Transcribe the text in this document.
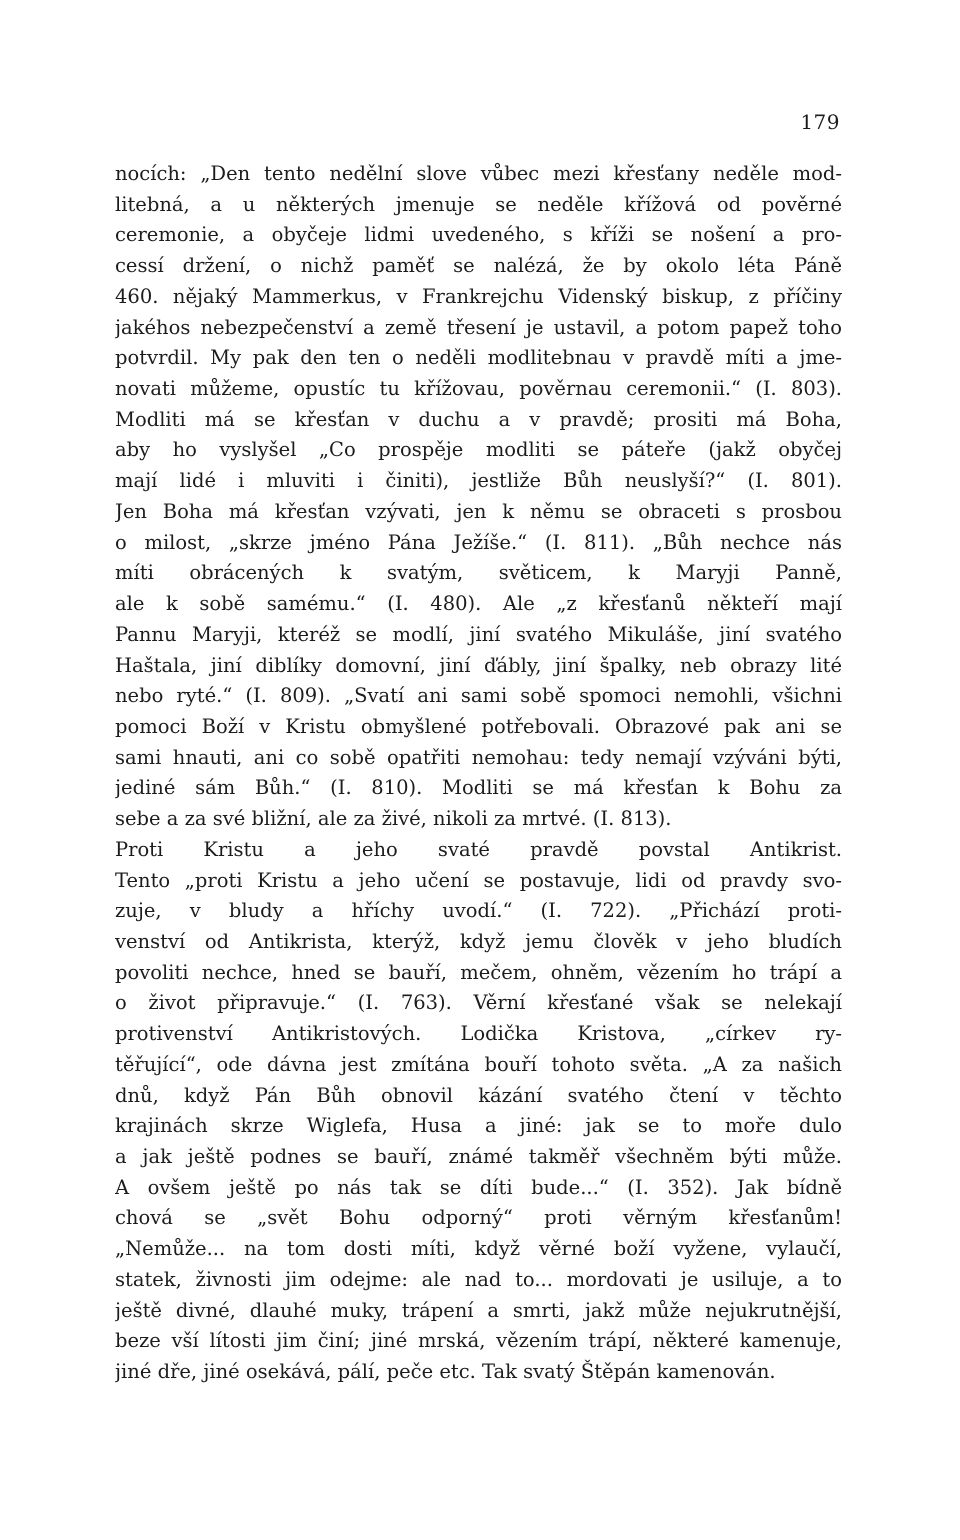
179
nocích: „Den tento nedělní slove vůbec mezi křesťany neděle mod-
litebná, a u některých jmenuje se neděle křížová od pověrné
ceremonie, a obyčeje lidmi uvedeného, s kříži se nošení a pro-
cessí držení, o nichž paměť se nalézá, že by okolo léta Páně
460. nějaký Mammerkus, v Frankrejchu Videnský biskup, z příčiny
jakéhos nebezpečenství a země třesení je ustavil, a potom papež toho
potvrdil. My pak den ten o neděli modlitebnau v pravdě míti a jme-
novati můžeme, opustíc tu křížovau, pověrnau ceremonii.“ (I. 803).
Modliti má se křesťan v duchu a v pravdě; prositi má Boha,
aby ho vyslyšel „Co prospěje modliti se páteře (jakž obyčej
mají lidé i mluviti i činiti), jestliže Bůh neuslyší?“ (I. 801).
Jen Boha má křesťan vzývati, jen k němu se obraceti s prosbou
o milost, „skrze jméno Pána Ježíše.“ (I. 811). „Bůh nechce nás
míti obrácených k svatým, světicem, k Maryji Panně,
ale k sobě samému.“ (I. 480). Ale „z křesťanů někteří mají
Pannu Maryji, kteréž se modlí, jiní svatého Mikuláše, jiní svatého
Haštala, jiní diblíky domovní, jiní ďábly, jiní špalky, neb obrazy lité
nebo ryté.“ (I. 809). „Svatí ani sami sobě spomoci nemohli, všichni
pomoci Boží v Kristu obmyšlené potřebovali. Obrazové pak ani se
sami hnauti, ani co sobě opatřiti nemohau: tedy nemají vzýváni býti,
jediné sám Bůh.“ (I. 810). Modliti se má křesťan k Bohu za
sebe a za své bližní, ale za živé, nikoli za mrtvé. (I. 813).
Proti Kristu a jeho svaté pravdě povstal Antikrist.
Tento „proti Kristu a jeho učení se postavuje, lidi od pravdy svo-
zuje, v bludy a hříchy uvodí.“ (I. 722). „Přichází proti-
venství od Antikrista, kterýž, když jemu člověk v jeho bludích
povoliti nechce, hned se bauří, mečem, ohněm, vězením ho trápí a
o život připravuje.“ (I. 763). Věrní křesťané však se nelekají
protivenství Antikristových. Lodička Kristova, „církev ry-
těřující“, ode dávna jest zmítána bouří tohoto světa. „A za našich
dnů, když Pán Bůh obnovil kázání svatého čtení v těchto
krajinách skrze Wiglefa, Husa a jiné: jak se to moře dulo
a jak ještě podnes se bauří, známé takměř všechněm býti může.
A ovšem ještě po nás tak se díti bude...“ (I. 352). Jak bídně
chová se „svět Bohu odporný“ proti věrným křesťanům!
„Nemůže... na tom dosti míti, když věrné boží vyžene, vylaučí,
statek, živnosti jim odejme: ale nad to... mordovati je usiluje, a to
ještě divné, dlauhé muky, trápení a smrti, jakž může nejukrutnější,
beze vší lítosti jim činí; jiné mrská, vězením trápí, některé kamenuje,
jiné dře, jiné osekává, pálí, peče etc. Tak svatý Štěpán kamenován.
